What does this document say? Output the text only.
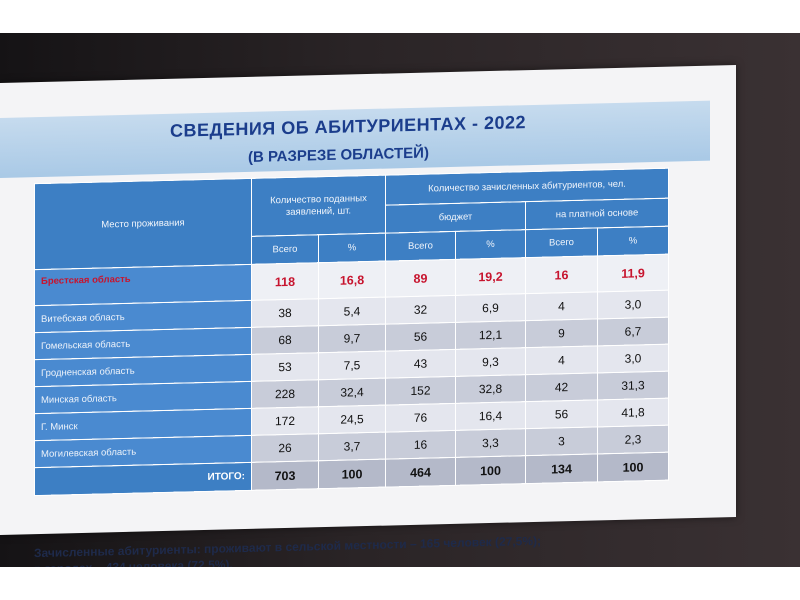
СВЕДЕНИЯ ОБ АБИТУРИЕНТАХ - 2022
(В РАЗРЕЗЕ ОБЛАСТЕЙ)
Место проживания	Количество поданных заявлений, шт.		Количество зачисленных абитуриентов, чел.			
			бюджет		на платной основе	
	Всего	%	Всего	%	Всего	%
Брестская область	118	16,8	89	19,2	16	11,9
Витебская область	38	5,4	32	6,9	4	3,0
Гомельская область	68	9,7	56	12,1	9	6,7
Гродненская область	53	7,5	43	9,3	4	3,0
Минская область	228	32,4	152	32,8	42	31,3
Г. Минск	172	24,5	76	16,4	56	41,8
Могилевская область	26	3,7	16	3,3	3	2,3
ИТОГО:	703	100	464	100	134	100
Зачисленные абитуриенты: проживают в сельской местности – 165 человек (27,5%);
